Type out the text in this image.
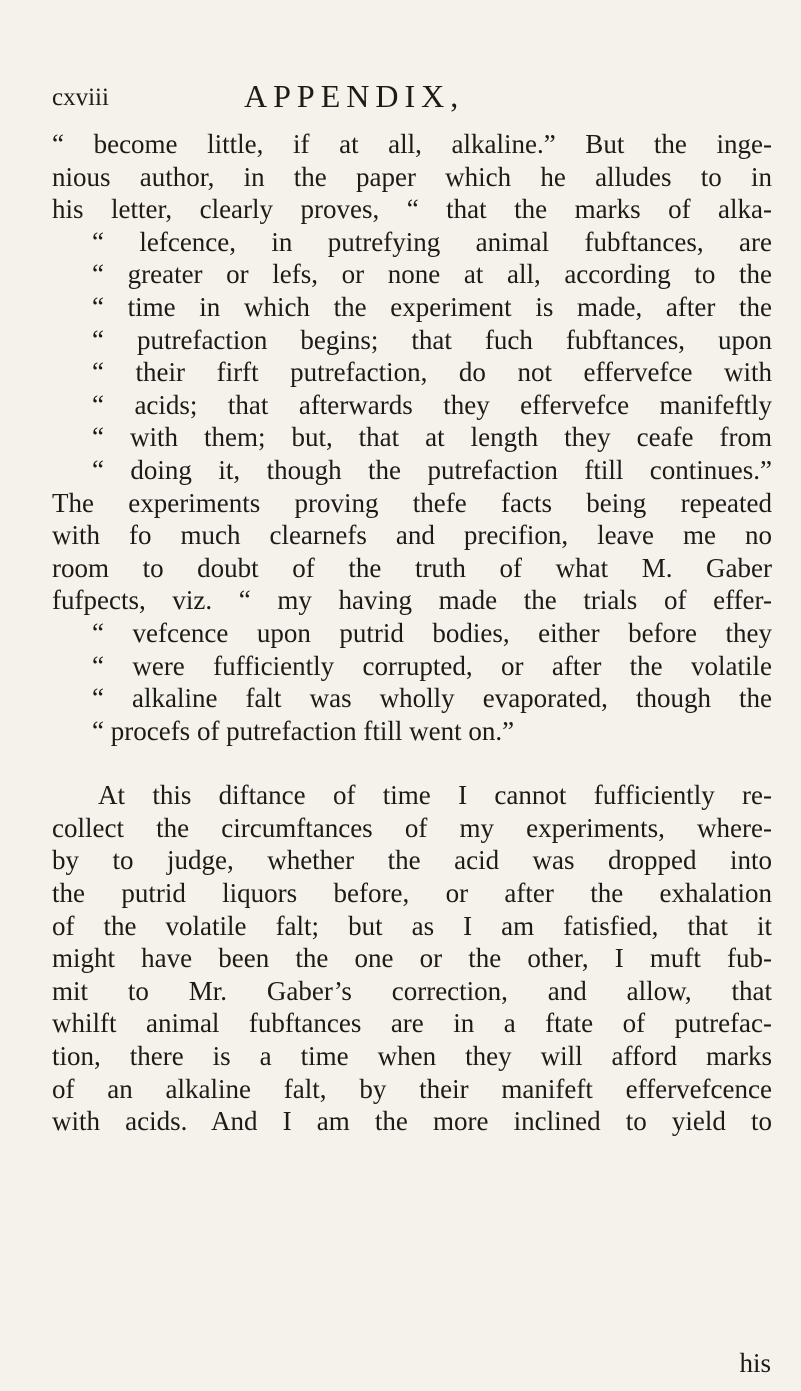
cxviii	APPENDIX,
“ become little, if at all, alkaline.” But the inge-
nious author, in the paper which he alludes to in
his letter, clearly proves, “ that the marks of alka-
“ lefcence, in putrefying animal fubftances, are
“ greater or lefs, or none at all, according to the
“ time in which the experiment is made, after the
“ putrefaction begins; that fuch fubftances, upon
“ their firft putrefaction, do not effervefce with
“ acids; that afterwards they effervefce manifeftly
“ with them; but, that at length they ceafe from
“ doing it, though the putrefaction ftill continues.”
The experiments proving thefe facts being repeated
with fo much clearnefs and precifion, leave me no
room to doubt of the truth of what M. Gaber
fufpects, viz. “ my having made the trials of effer-
“ vefcence upon putrid bodies, either before they
“ were fufficiently corrupted, or after the volatile
“ alkaline falt was wholly evaporated, though the
“ procefs of putrefaction ftill went on.”
At this diftance of time I cannot fufficiently re-
collect the circumftances of my experiments, where-
by to judge, whether the acid was dropped into
the putrid liquors before, or after the exhalation
of the volatile falt; but as I am fatisfied, that it
might have been the one or the other, I muft fub-
mit to Mr. Gaber’s correction, and allow, that
whilft animal fubftances are in a ftate of putrefac-
tion, there is a time when they will afford marks
of an alkaline falt, by their manifeft effervefcence
with acids. And I am the more inclined to yield to
his
